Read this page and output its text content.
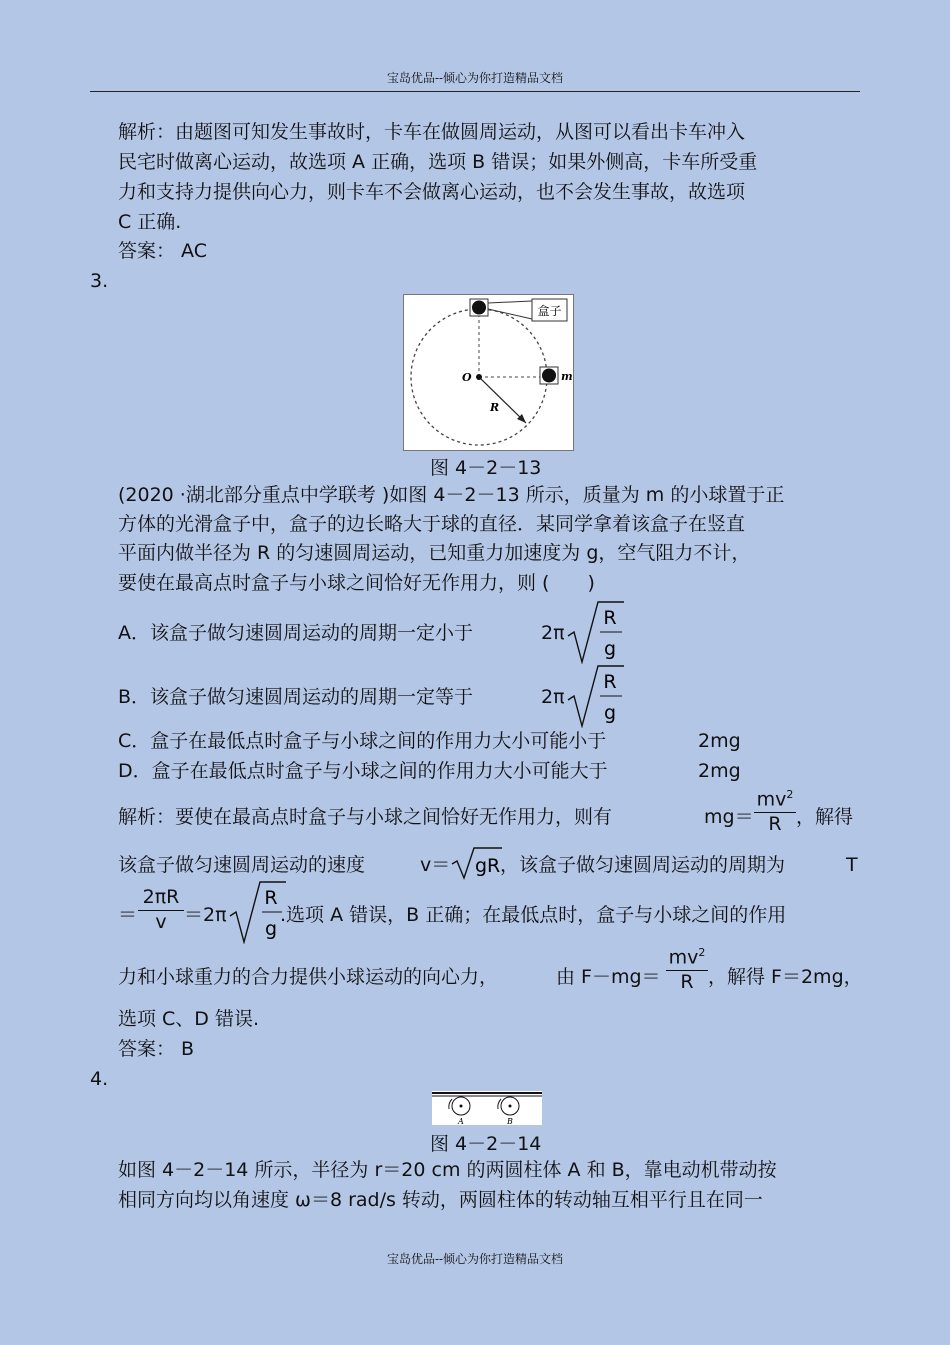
宝岛优品--倾心为你打造精品文档
解析：由题图可知发生事故时，卡车在做圆周运动，从图可以看出卡车冲入
民宅时做离心运动，故选项 A 正确，选项 B 错误；如果外侧高，卡车所受重
力和支持力提供向心力，则卡车不会做离心运动，也不会发生事故，故选项
C 正确.
答案： AC
3.
盒子
O	m
R
图 4－2－13
(2020 ·湖北部分重点中学联考 )如图 4－2－13 所示，质量为 m 的小球置于正
方体的光滑盒子中，盒子的边长略大于球的直径．某同学拿着该盒子在竖直
平面内做半径为 R 的匀速圆周运动，已知重力加速度为 g，空气阻力不计，
要使在最高点时盒子与小球之间恰好无作用力，则 (　　)
A．该盒子做匀速圆周运动的周期一定小于	2π
R
g
B．该盒子做匀速圆周运动的周期一定等于	2π
R
g
C．盒子在最低点时盒子与小球之间的作用力大小可能小于	2mg
D．盒子在最低点时盒子与小球之间的作用力大小可能大于	2mg
解析：要使在最高点时盒子与小球之间恰好无作用力，则有	mg＝
$mv^2$
R ，解得
该盒子做匀速圆周运动的速度	v＝ gR ，该盒子做匀速圆周运动的周期为	T
＝
2πR
v ＝2π
R
g
.选项 A 错误，B 正确；在最低点时，盒子与小球之间的作用
力和小球重力的合力提供小球运动的向心力，	由 F－mg＝
$mv^2$
R ，解得 F＝2mg，
选项 C、D 错误.
答案： B
4.
A	B
图 4－2－14
如图 4－2－14 所示，半径为 r＝20 cm 的两圆柱体 A 和 B，靠电动机带动按
相同方向均以角速度 ω＝8 rad/s 转动，两圆柱体的转动轴互相平行且在同一
宝岛优品--倾心为你打造精品文档
